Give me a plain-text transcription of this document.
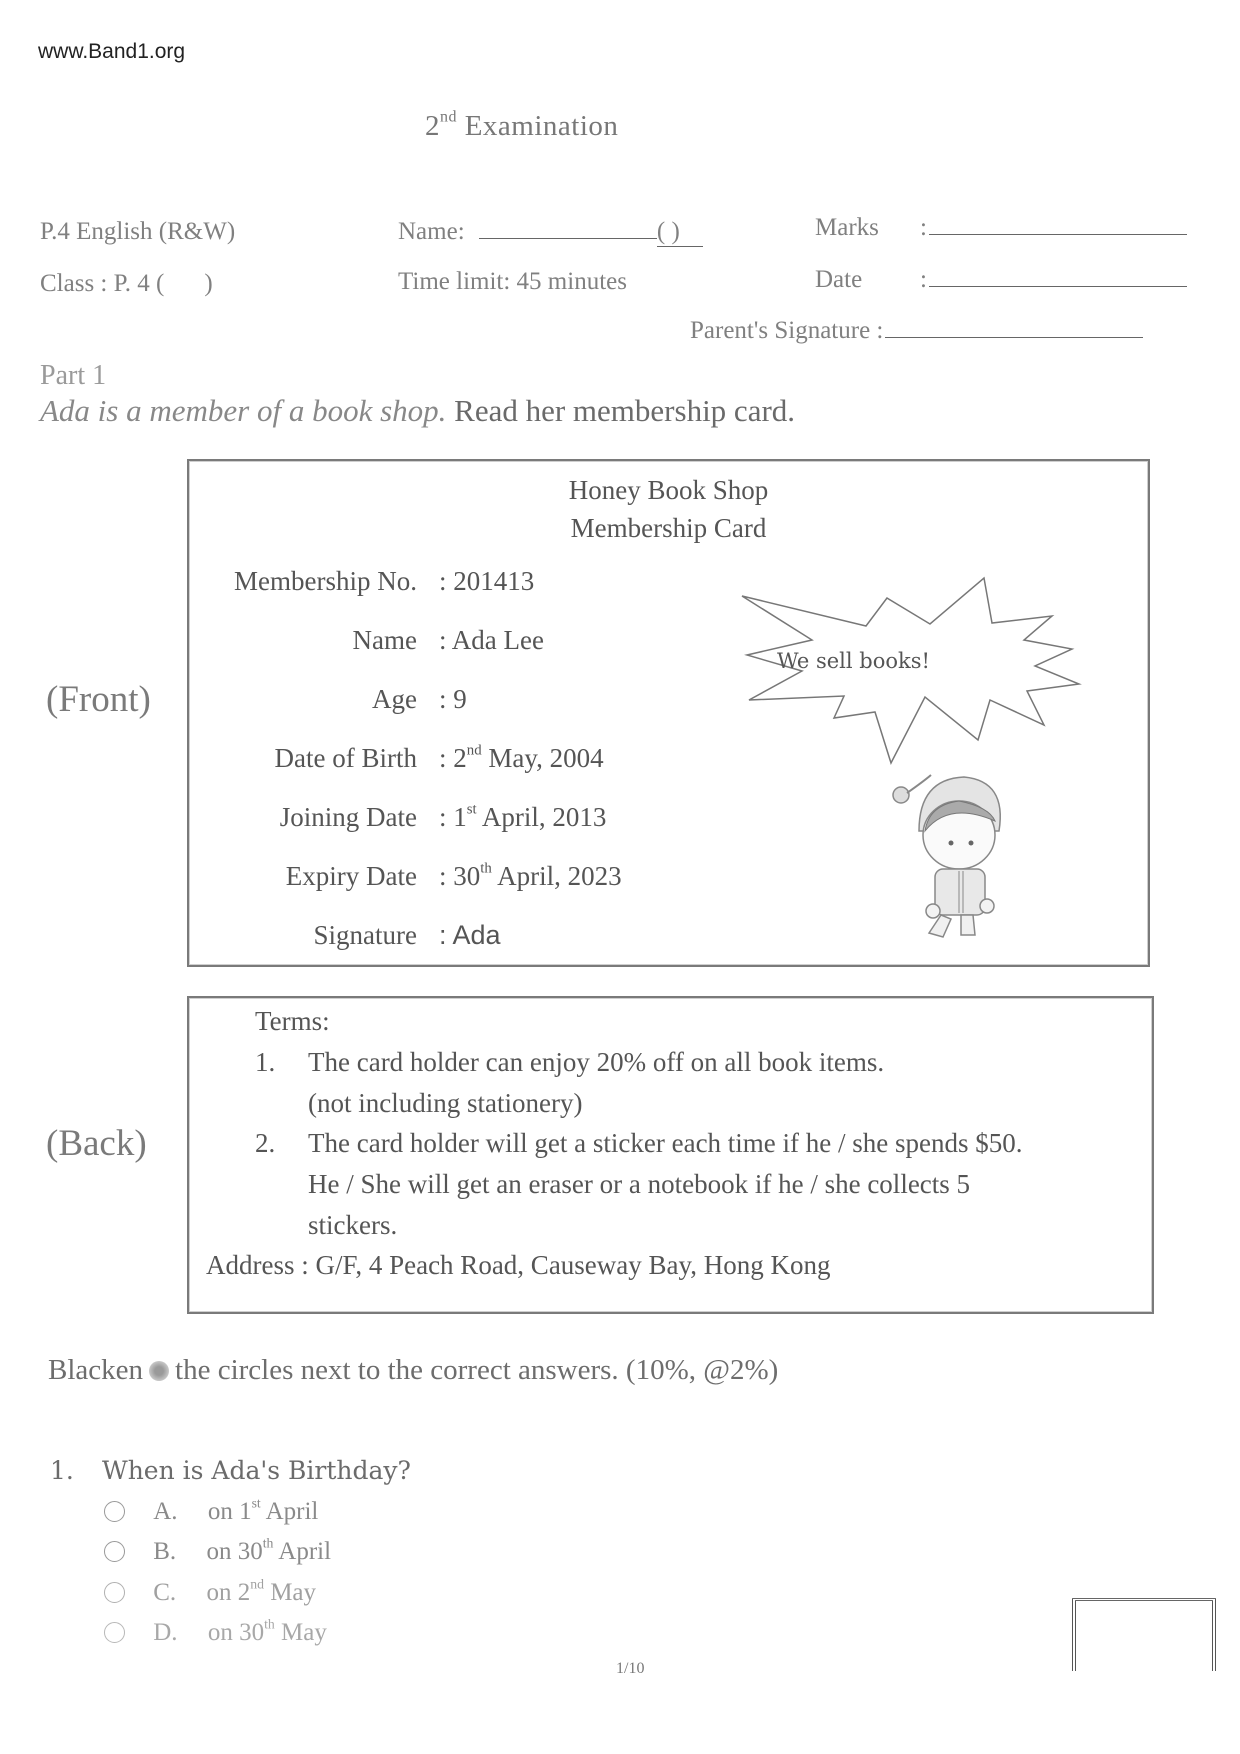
www.Band1.org
2nd Examination
P.4 English (R&W)	Name:	( )	Marks :
Class : P. 4 ( )	Time limit: 45 minutes	Date :
Parent's Signature :
Part 1
Ada is a member of a book shop. Read her membership card.
(Front)
Honey Book Shop
Membership Card
Membership No. : 201413
Name : Ada Lee
Age : 9
Date of Birth : 2nd May, 2004
Joining Date : 1st April, 2013
Expiry Date : 30th April, 2023
Signature : Ada
We sell books!
(Back)
Terms:
1. The card holder can enjoy 20% off on all book items.
(not including stationery)
2. The card holder will get a sticker each time if he / she spends $50.
He / She will get an eraser or a notebook if he / she collects 5
stickers.
Address : G/F, 4 Peach Road, Causeway Bay, Hong Kong
Blacken the circles next to the correct answers. (10%, @2%)
1. When is Ada's Birthday?
A. on 1st April
B. on 30th April
C. on 2nd May
D. on 30th May
1/10
